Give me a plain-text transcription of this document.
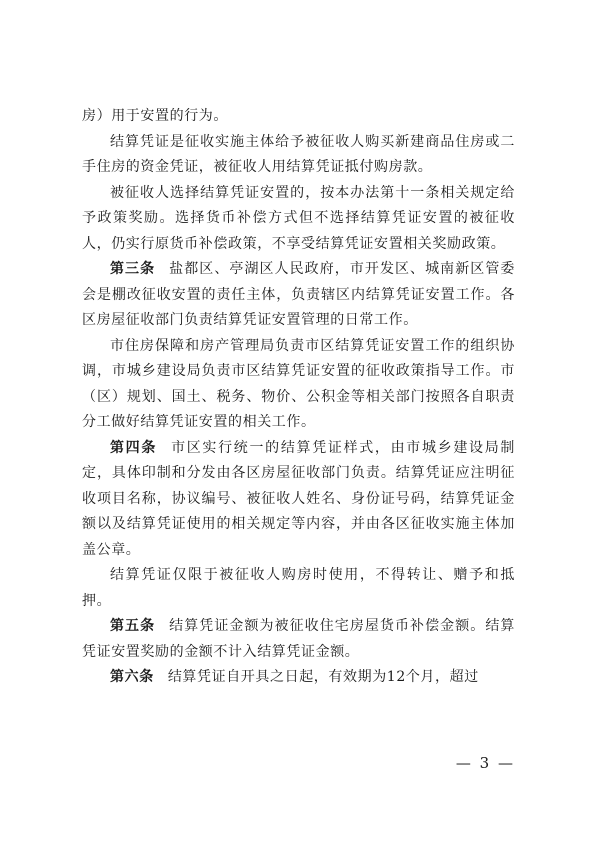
房）用于安置的行为。

结算凭证是征收实施主体给予被征收人购买新建商品住房或二手住房的资金凭证，被征收人用结算凭证抵付购房款。

被征收人选择结算凭证安置的，按本办法第十一条相关规定给予政策奖励。选择货币补偿方式但不选择结算凭证安置的被征收人，仍实行原货币补偿政策，不享受结算凭证安置相关奖励政策。

第三条 盐都区、亭湖区人民政府，市开发区、城南新区管委会是棚改征收安置的责任主体，负责辖区内结算凭证安置工作。各区房屋征收部门负责结算凭证安置管理的日常工作。

市住房保障和房产管理局负责市区结算凭证安置工作的组织协调，市城乡建设局负责市区结算凭证安置的征收政策指导工作。市（区）规划、国土、税务、物价、公积金等相关部门按照各自职责分工做好结算凭证安置的相关工作。

第四条 市区实行统一的结算凭证样式，由市城乡建设局制定，具体印制和分发由各区房屋征收部门负责。结算凭证应注明征收项目名称，协议编号、被征收人姓名、身份证号码，结算凭证金额以及结算凭证使用的相关规定等内容，并由各区征收实施主体加盖公章。

结算凭证仅限于被征收人购房时使用，不得转让、赠予和抵押。

第五条 结算凭证金额为被征收住宅房屋货币补偿金额。结算凭证安置奖励的金额不计入结算凭证金额。

第六条 结算凭证自开具之日起，有效期为12个月，超过

— 3 —
